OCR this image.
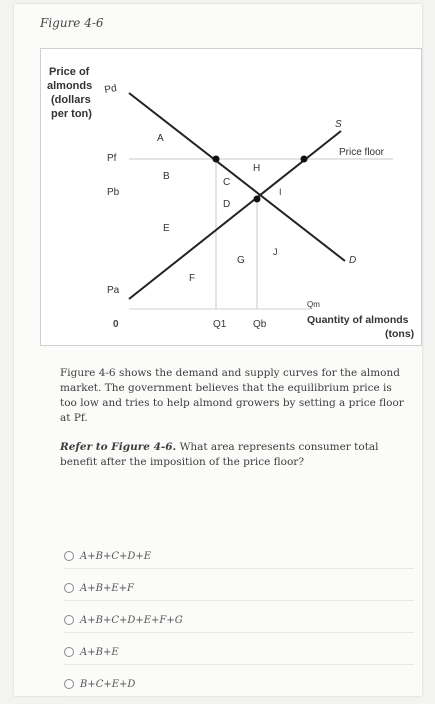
Figure 4-6
Price of
almonds
(dollars
per ton)
Pd
Pf
Pb
Pa
0	Q1	Qb
Qm
Quantity of almonds
(tons)
S
Price floor
D
A
B
C
D
E
F
G
H
I
J

Figure 4-6 shows the demand and supply curves for the almond market. The government believes that the equilibrium price is too low and tries to help almond growers by setting a price floor at Pf.

Refer to Figure 4-6. What area represents consumer total benefit after the imposition of the price floor?

A+B+C+D+E
A+B+E+F
A+B+C+D+E+F+G
A+B+E
B+C+E+D
